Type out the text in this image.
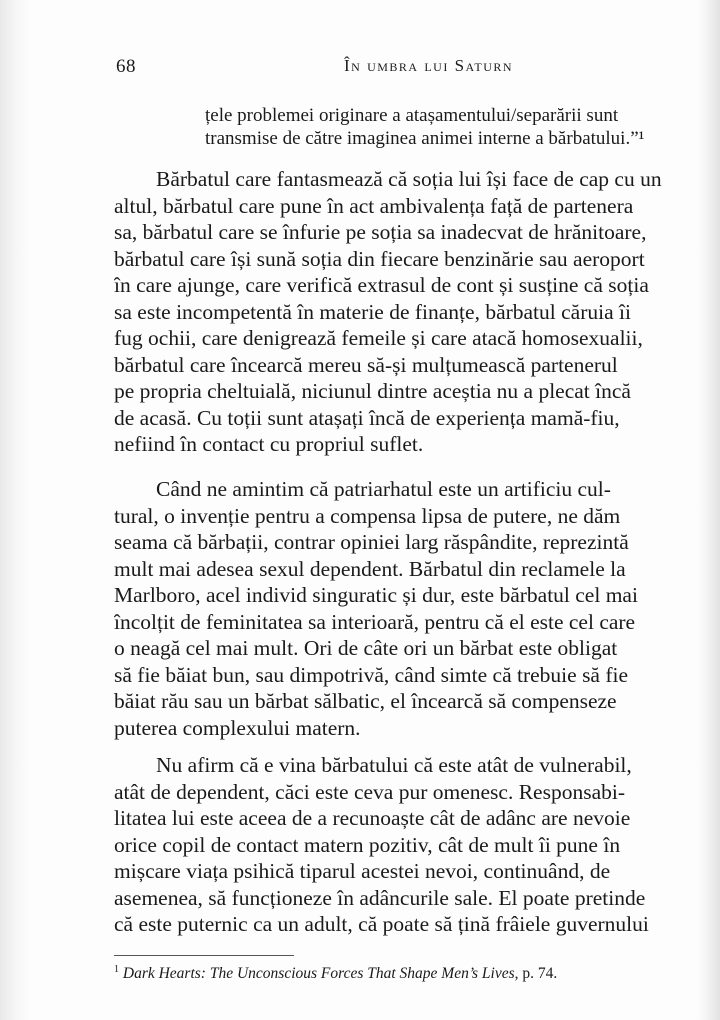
68	În umbra lui Saturn
țele problemei originare a atașamentului/separării sunt
transmise de către imaginea animei interne a bărbatului.”¹
Bărbatul care fantasmează că soția lui își face de cap cu un
altul, bărbatul care pune în act ambivalența față de partenera
sa, bărbatul care se înfurie pe soția sa inadecvat de hrănitoare,
bărbatul care își sună soția din fiecare benzinărie sau aeroport
în care ajunge, care verifică extrasul de cont și susține că soția
sa este incompetentă în materie de finanțe, bărbatul căruia îi
fug ochii, care denigrează femeile și care atacă homosexualii,
bărbatul care încearcă mereu să-și mulțumească partenerul
pe propria cheltuială, niciunul dintre aceștia nu a plecat încă
de acasă. Cu toții sunt atașați încă de experiența mamă-fiu,
nefiind în contact cu propriul suflet.
Când ne amintim că patriarhatul este un artificiu cul-
tural, o invenție pentru a compensa lipsa de putere, ne dăm
seama că bărbații, contrar opiniei larg răspândite, reprezintă
mult mai adesea sexul dependent. Bărbatul din reclamele la
Marlboro, acel individ singuratic și dur, este bărbatul cel mai
încolțit de feminitatea sa interioară, pentru că el este cel care
o neagă cel mai mult. Ori de câte ori un bărbat este obligat
să fie băiat bun, sau dimpotrivă, când simte că trebuie să fie
băiat rău sau un bărbat sălbatic, el încearcă să compenseze
puterea complexului matern.
Nu afirm că e vina bărbatului că este atât de vulnerabil,
atât de dependent, căci este ceva pur omenesc. Responsabi-
litatea lui este aceea de a recunoaște cât de adânc are nevoie
orice copil de contact matern pozitiv, cât de mult îi pune în
mișcare viața psihică tiparul acestei nevoi, continuând, de
asemenea, să funcționeze în adâncurile sale. El poate pretinde
că este puternic ca un adult, că poate să țină frâiele guvernului
$^1$ Dark Hearts: The Unconscious Forces That Shape Men’s Lives, p. 74.
